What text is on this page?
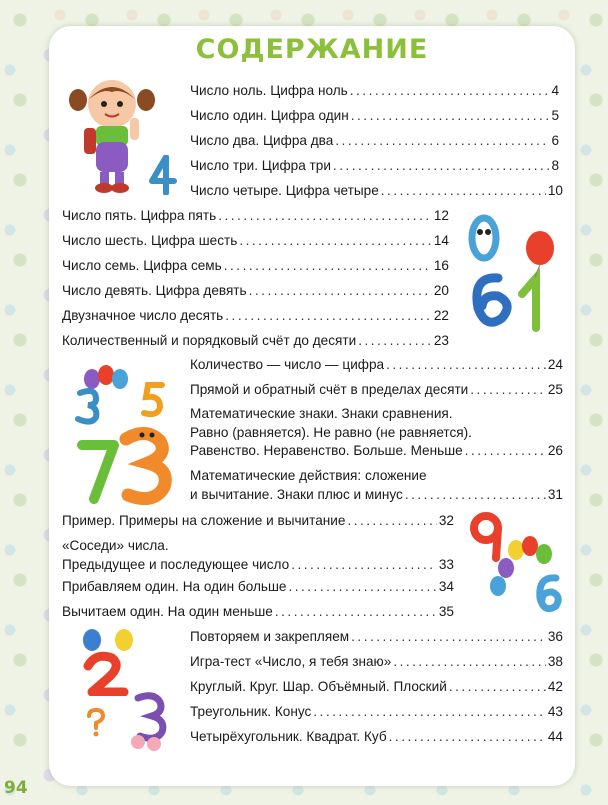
СОДЕРЖАНИЕ
94
Число ноль. Цифра ноль .....	4
Число один. Цифра один .....	5
Число два. Цифра два .....	6
Число три. Цифра три .....	8
Число четыре. Цифра четыре .....	10
Число пять. Цифра пять .....	12
Число шесть. Цифра шесть .....	14
Число семь. Цифра семь .....	16
Число девять. Цифра девять .....	20
Двузначное число десять .....	22
Количественный и порядковый счёт до десяти .....	23
Количество — число — цифра .....	24
Прямой и обратный счёт в пределах десяти .....	25
Математические знаки. Знаки сравнения.
Равно (равняется). Не равно (не равняется).
Равенство. Неравенство. Больше. Меньше .....	26
Математические действия: сложение
и вычитание. Знаки плюс и минус .....	31
Пример. Примеры на сложение и вычитание .....	32
«Соседи» числа.
Предыдущее и последующее число .....	33
Прибавляем один. На один больше .....	34
Вычитаем один. На один меньше .....	35
Повторяем и закрепляем .....	36
Игра-тест «Число, я тебя знаю» .....	38
Круглый. Круг. Шар. Объёмный. Плоский .....	42
Треугольник. Конус .....	43
Четырёхугольник. Квадрат. Куб .....	44
